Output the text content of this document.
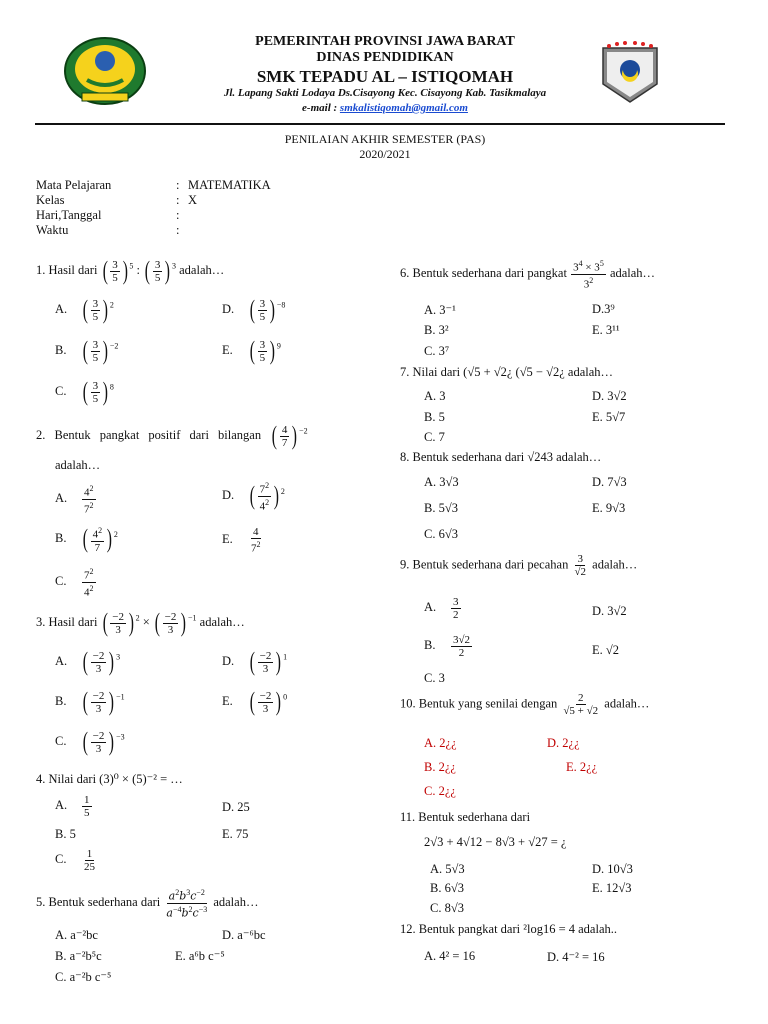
PEMERINTAH PROVINSI JAWA BARAT
DINAS PENDIDIKAN
SMK TEPADU AL – ISTIQOMAH
Jl. Lapang Sakti Lodaya Ds.Cisayong Kec. Cisayong Kab. Tasikmalaya
e-mail : smkalistiqomah@gmail.com
PENILAIAN AKHIR SEMESTER (PAS)
2020/2021
Mata Pelajaran	: MATEMATIKA
Kelas	: X
Hari,Tanggal	:
Waktu	:
1. Hasil dari ( $\frac{3}{5}$ ) $^5$ : ( $\frac{3}{5}$ ) $^3$ adalah…
A. ( $\frac{3}{5}$ ) $^2$	D. ( $\frac{3}{5}$ ) $^{-8}$
B. ( $\frac{3}{5}$ ) $^{-2}$	E. ( $\frac{3}{5}$ ) $^9$
C. ( $\frac{3}{5}$ ) $^8$
2. Bentuk pangkat positif dari bilangan ( $\frac{4}{7}$ ) $^{-2}$
adalah…
A. $\frac{4^2}{7^2}$	D. ( $\frac{7^2}{4^2}$ ) $^2$
B. ( $\frac{4^2}{7}$ ) $^2$	E. $\frac{4}{7^2}$
C. $\frac{7^2}{4^2}$
3. Hasil dari ( $\frac{-2}{3}$ ) $^2$ × ( $\frac{-2}{3}$ ) $^{-1}$ adalah…
A. ( $\frac{-2}{3}$ ) $^3$	D. ( $\frac{-2}{3}$ ) $^1$
B. ( $\frac{-2}{3}$ ) $^{-1}$	E. ( $\frac{-2}{3}$ ) $^0$
C. ( $\frac{-2}{3}$ ) $^{-3}$
4. Nilai dari (3)⁰ × (5)⁻² = …
A. $\frac{1}{5}$	D. 25
B. 5	E. 75
C. $\frac{1}{25}$
5. Bentuk sederhana dari $\frac{a^2b^3c^{-2}}{a^{-4}b^2c^{-3}}$ adalah…
A. a⁻²bc	D. a⁻⁶bc
B. a⁻²b⁵c	E. a⁶b c⁻⁵
C. a⁻²b c⁻⁵
6. Bentuk sederhana dari pangkat $\frac{3^4 \times 3^5}{3^2}$ adalah…
A. 3⁻¹	D.3⁹
B. 3²	E. 3¹¹
C. 3⁷
7. Nilai dari (√5 + √2¿ (√5 − √2¿ adalah…
A. 3	D. 3√2
B. 5	E. 5√7
C. 7
8. Bentuk sederhana dari √243 adalah…
A. 3√3	D. 7√3
B. 5√3	E. 9√3
C. 6√3
9. Bentuk sederhana dari pecahan $\frac{3}{√2}$ adalah…
A. $\frac{3}{2}$	D. 3√2
B. $\frac{3√2}{2}$	E. √2
C. 3
10. Bentuk yang senilai dengan $\frac{2}{√5 + √2}$ adalah…
A. 2¿¿	D. 2¿¿
B. 2¿¿	E. 2¿¿
C. 2¿¿
11. Bentuk sederhana dari
2√3 + 4√12 − 8√3 + √27 = ¿
A. 5√3	D. 10√3
B. 6√3	E. 12√3
C. 8√3
12. Bentuk pangkat dari ²log16 = 4 adalah..
A. 4² = 16	D. 4⁻² = 16
